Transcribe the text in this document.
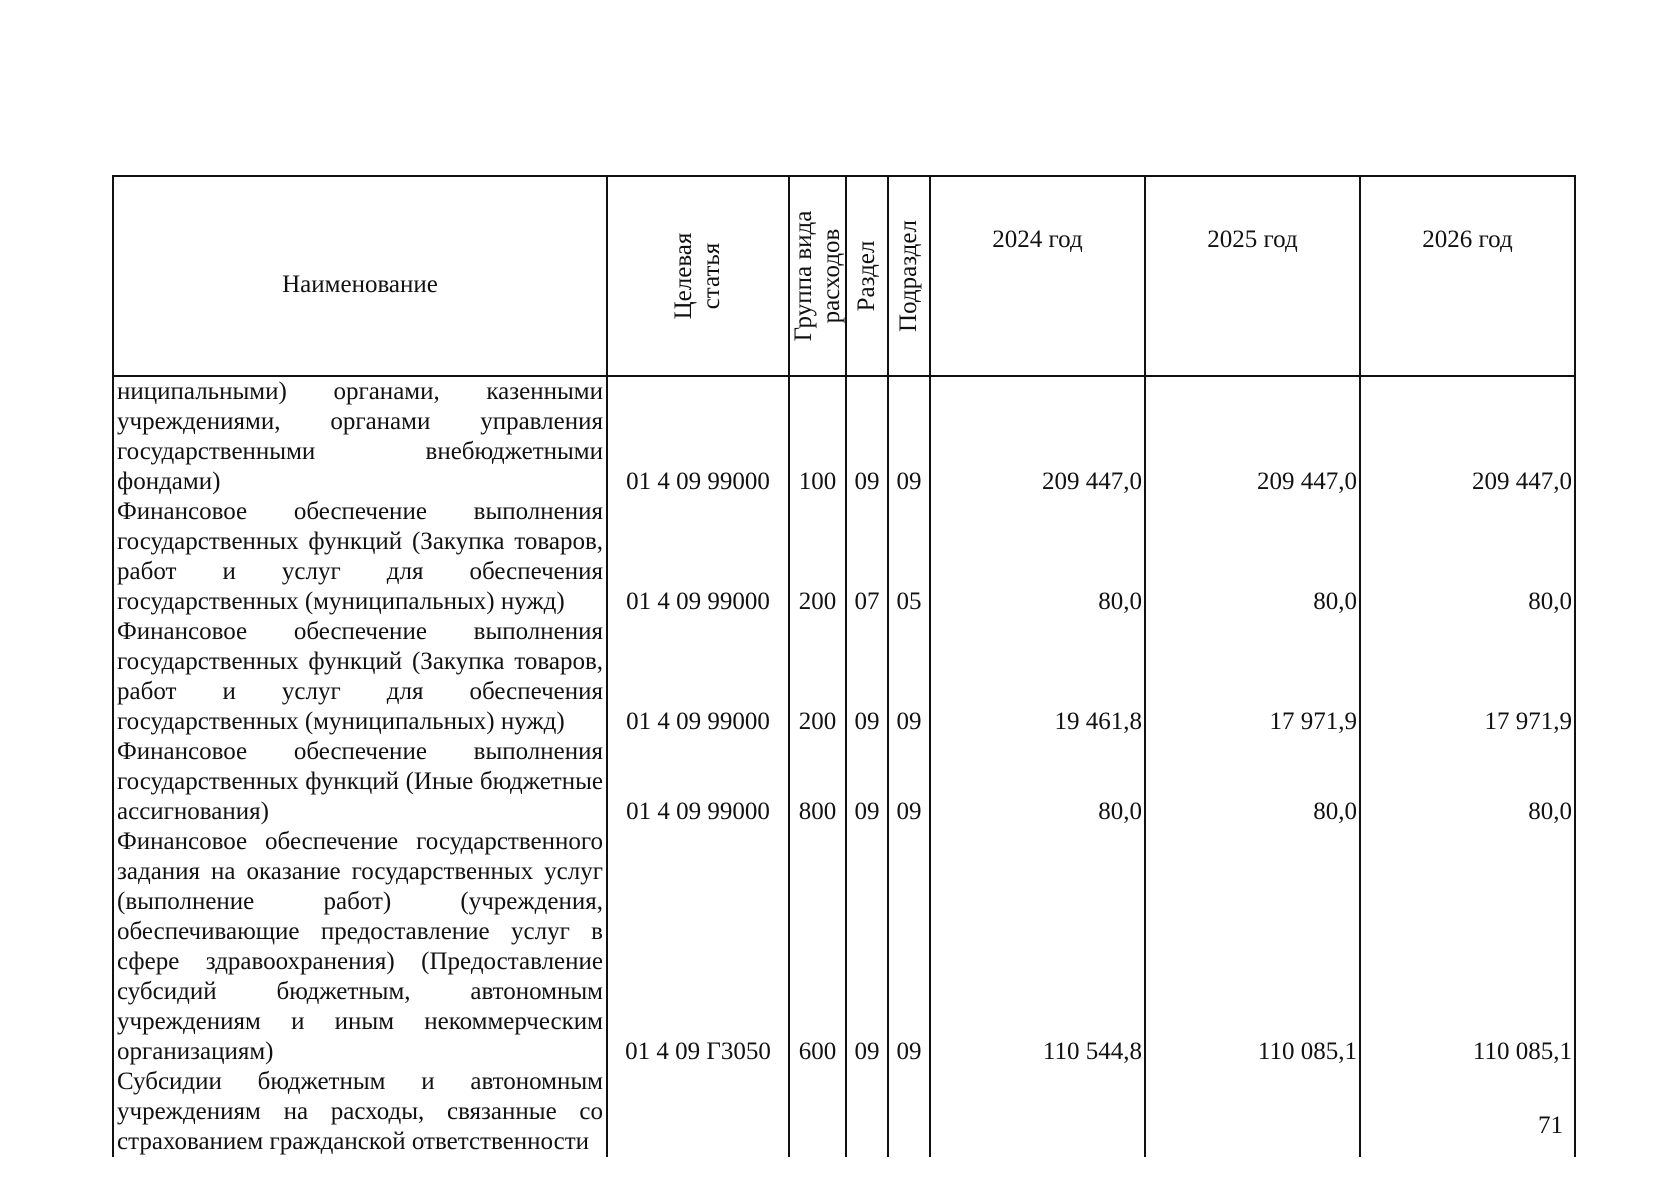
Наименование	Целевая статья	Группа вида расходов	Раздел	Подраздел	2024 год	2025 год	2026 год
ниципальными) органами, казенными учреждениями, органами управления государственными внебюджетными фондами)	01 4 09 99000	100	09	09	209 447,0	209 447,0	209 447,0
Финансовое обеспечение выполнения государственных функций (Закупка товаров, работ и услуг для обеспечения государственных (муниципальных) нужд)	01 4 09 99000	200	07	05	80,0	80,0	80,0
Финансовое обеспечение выполнения государственных функций (Закупка товаров, работ и услуг для обеспечения государственных (муниципальных) нужд)	01 4 09 99000	200	09	09	19 461,8	17 971,9	17 971,9
Финансовое обеспечение выполнения государственных функций (Иные бюджетные ассигнования)	01 4 09 99000	800	09	09	80,0	80,0	80,0
Финансовое обеспечение государственного задания на оказание государственных услуг (выполнение работ) (учреждения, обеспечивающие предоставление услуг в сфере здравоохранения) (Предоставление субсидий бюджетным, автономным учреждениям и иным некоммерческим организациям)	01 4 09 Г3050	600	09	09	110 544,8	110 085,1	110 085,1
Субсидии бюджетным и автономным учреждениям на расходы, связанные со страхованием гражданской ответственности							
71
